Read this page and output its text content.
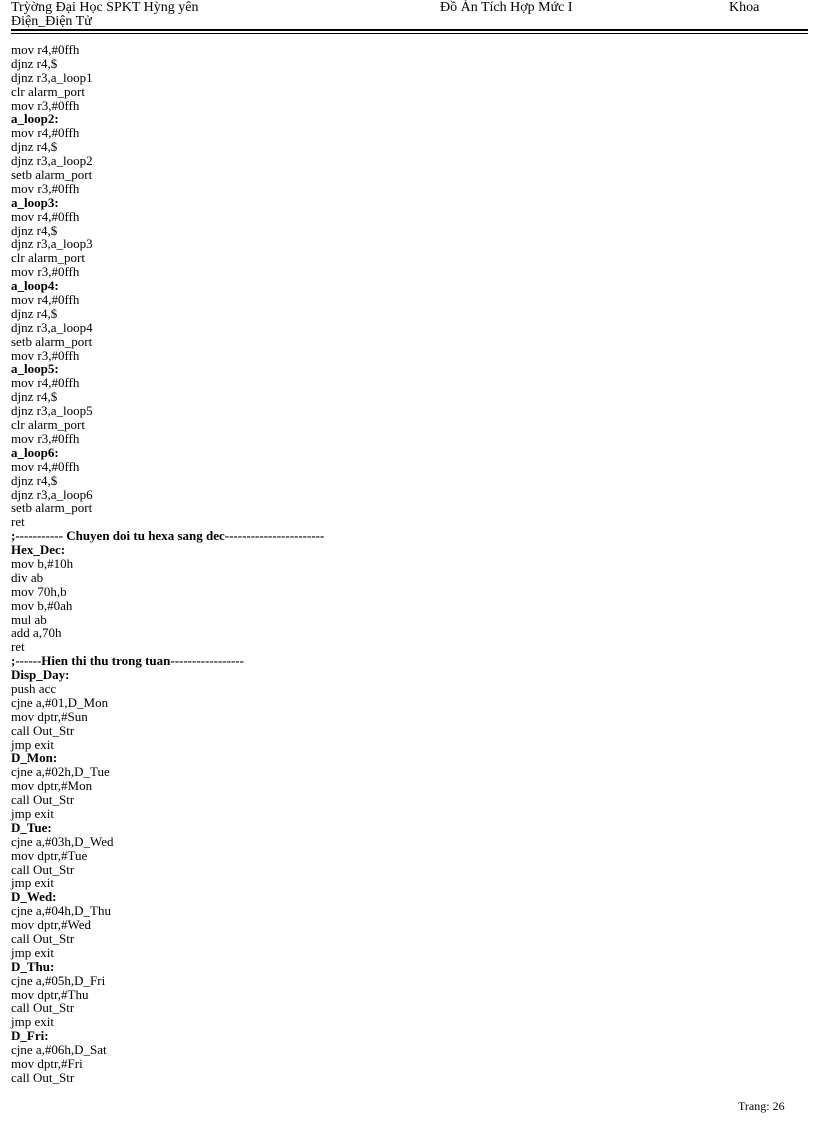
Trỳờng Đại Học SPKT Hỳng yên
Điện_Điện Tử
Đồ Án Tích Hợp Mức I	Khoa
mov r4,#0ffh
djnz r4,$
djnz r3,a_loop1
clr alarm_port
mov r3,#0ffh
a_loop2:
mov r4,#0ffh
djnz r4,$
djnz r3,a_loop2
setb alarm_port
mov r3,#0ffh
a_loop3:
mov r4,#0ffh
djnz r4,$
djnz r3,a_loop3
clr alarm_port
mov r3,#0ffh
a_loop4:
mov r4,#0ffh
djnz r4,$
djnz r3,a_loop4
setb alarm_port
mov r3,#0ffh
a_loop5:
mov r4,#0ffh
djnz r4,$
djnz r3,a_loop5
clr alarm_port
mov r3,#0ffh
a_loop6:
mov r4,#0ffh
djnz r4,$
djnz r3,a_loop6
setb alarm_port
ret
;----------- Chuyen doi tu hexa sang dec-----------------------
Hex_Dec:
mov b,#10h
div ab
mov 70h,b
mov b,#0ah
mul ab
add a,70h
ret
;------Hien thi thu trong tuan-----------------
Disp_Day:
push acc
cjne a,#01,D_Mon
mov dptr,#Sun
call Out_Str
jmp exit
D_Mon:
cjne a,#02h,D_Tue
mov dptr,#Mon
call Out_Str
jmp exit
D_Tue:
cjne a,#03h,D_Wed
mov dptr,#Tue
call Out_Str
jmp exit
D_Wed:
cjne a,#04h,D_Thu
mov dptr,#Wed
call Out_Str
jmp exit
D_Thu:
cjne a,#05h,D_Fri
mov dptr,#Thu
call Out_Str
jmp exit
D_Fri:
cjne a,#06h,D_Sat
mov dptr,#Fri
call Out_Str
Trang: 26
